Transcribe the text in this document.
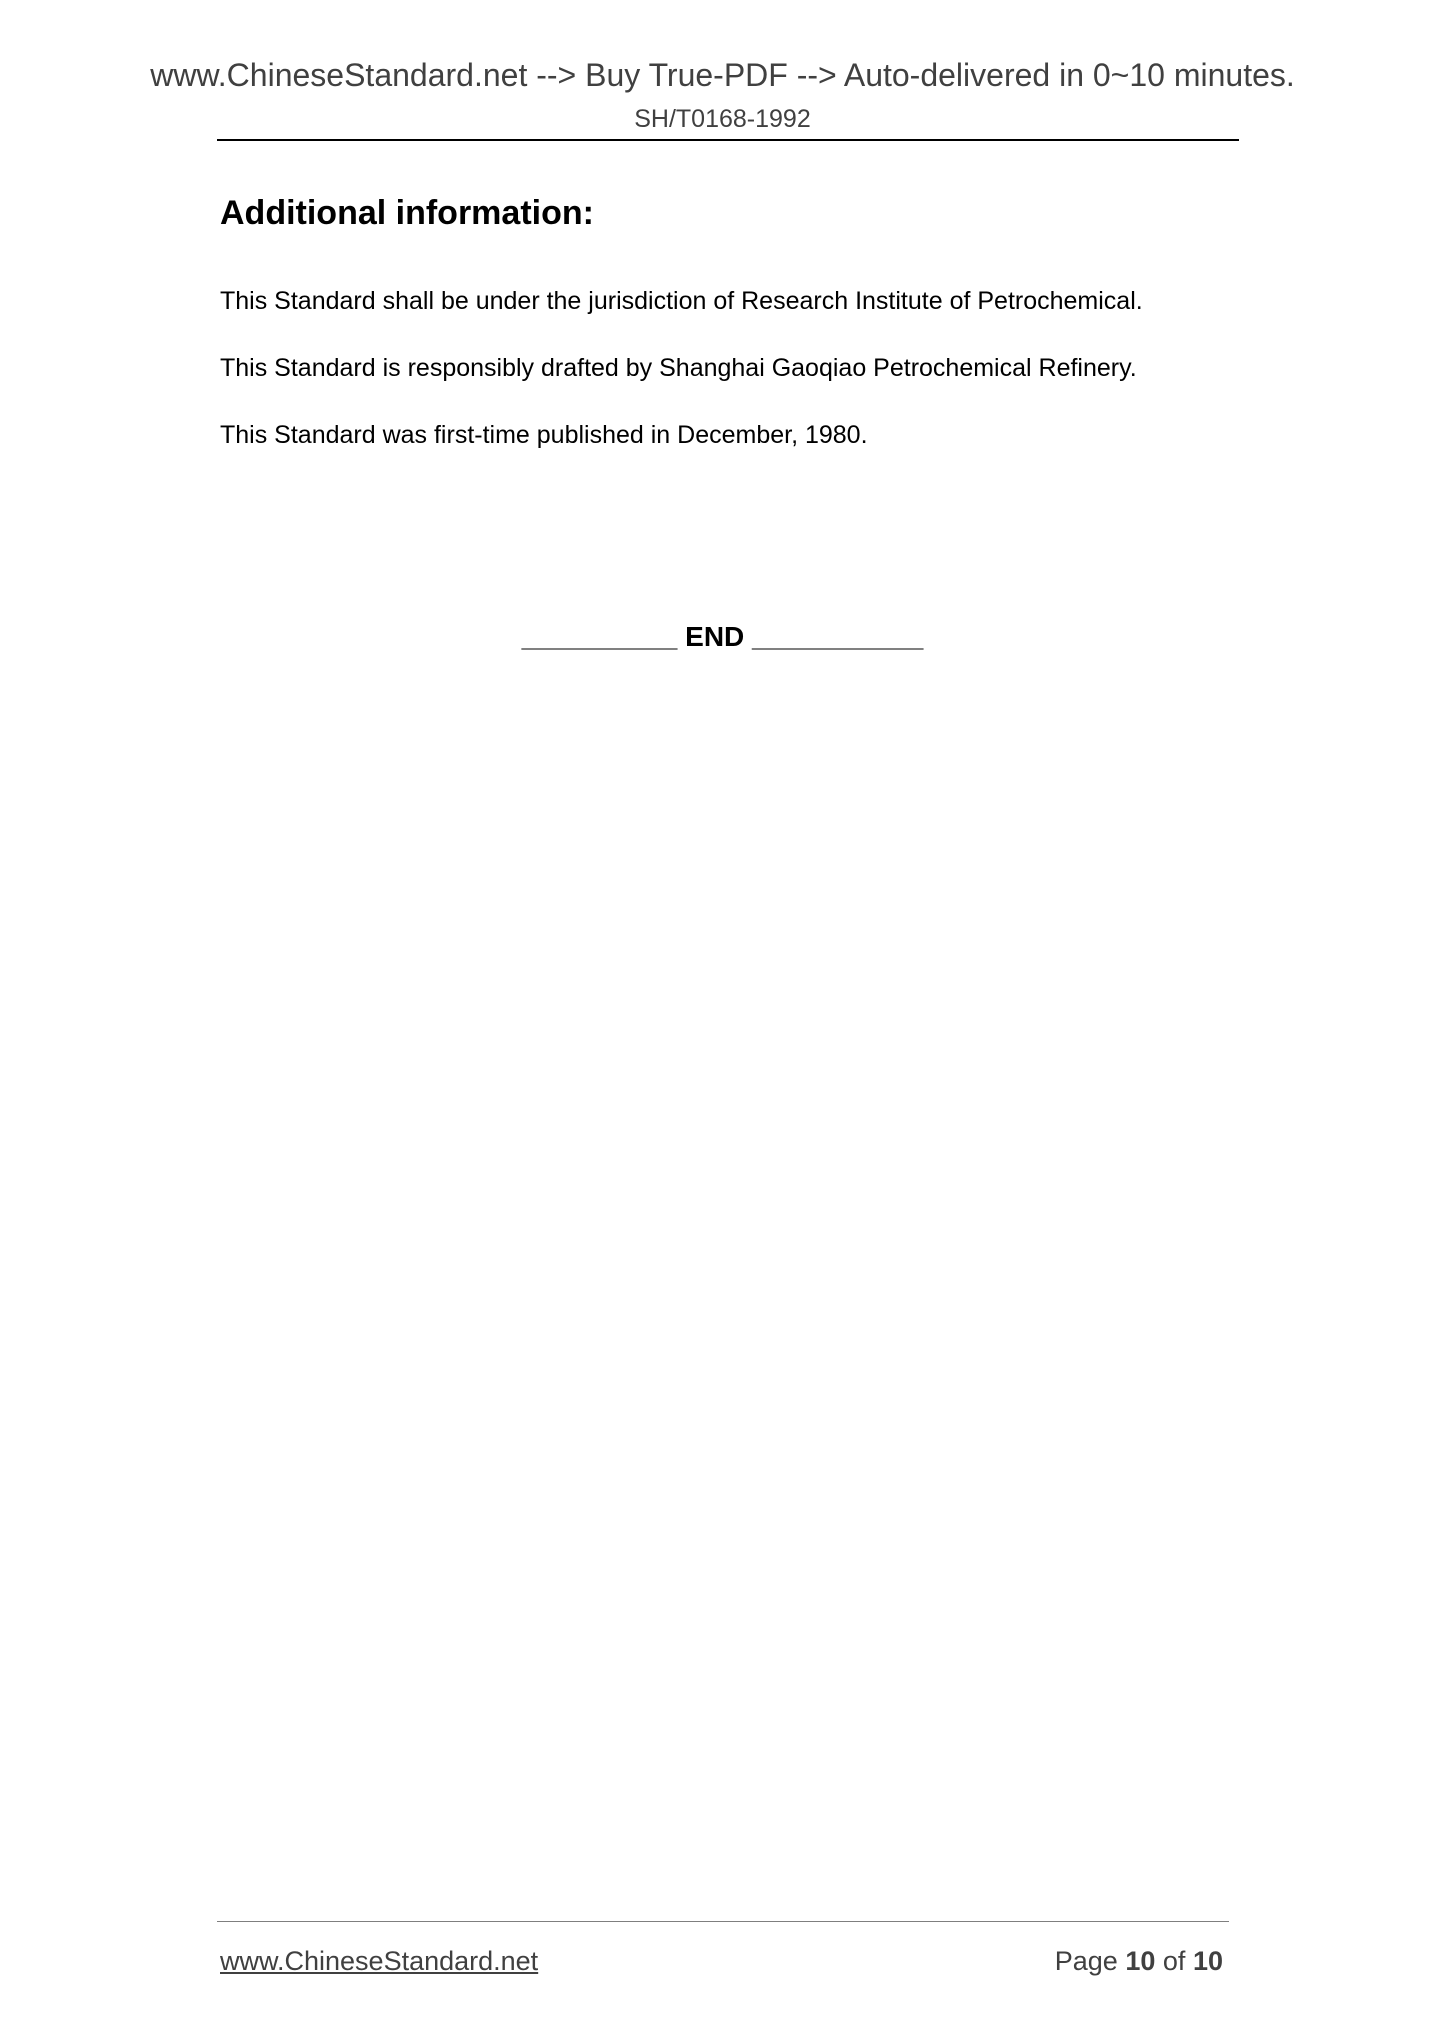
www.ChineseStandard.net --> Buy True-PDF --> Auto-delivered in 0~10 minutes.
SH/T0168-1992
Additional information:

This Standard shall be under the jurisdiction of Research Institute of Petrochemical.

This Standard is responsibly drafted by Shanghai Gaoqiao Petrochemical Refinery.

This Standard was first-time published in December, 1980.

__________ END ___________
www.ChineseStandard.net	Page 10 of 10
